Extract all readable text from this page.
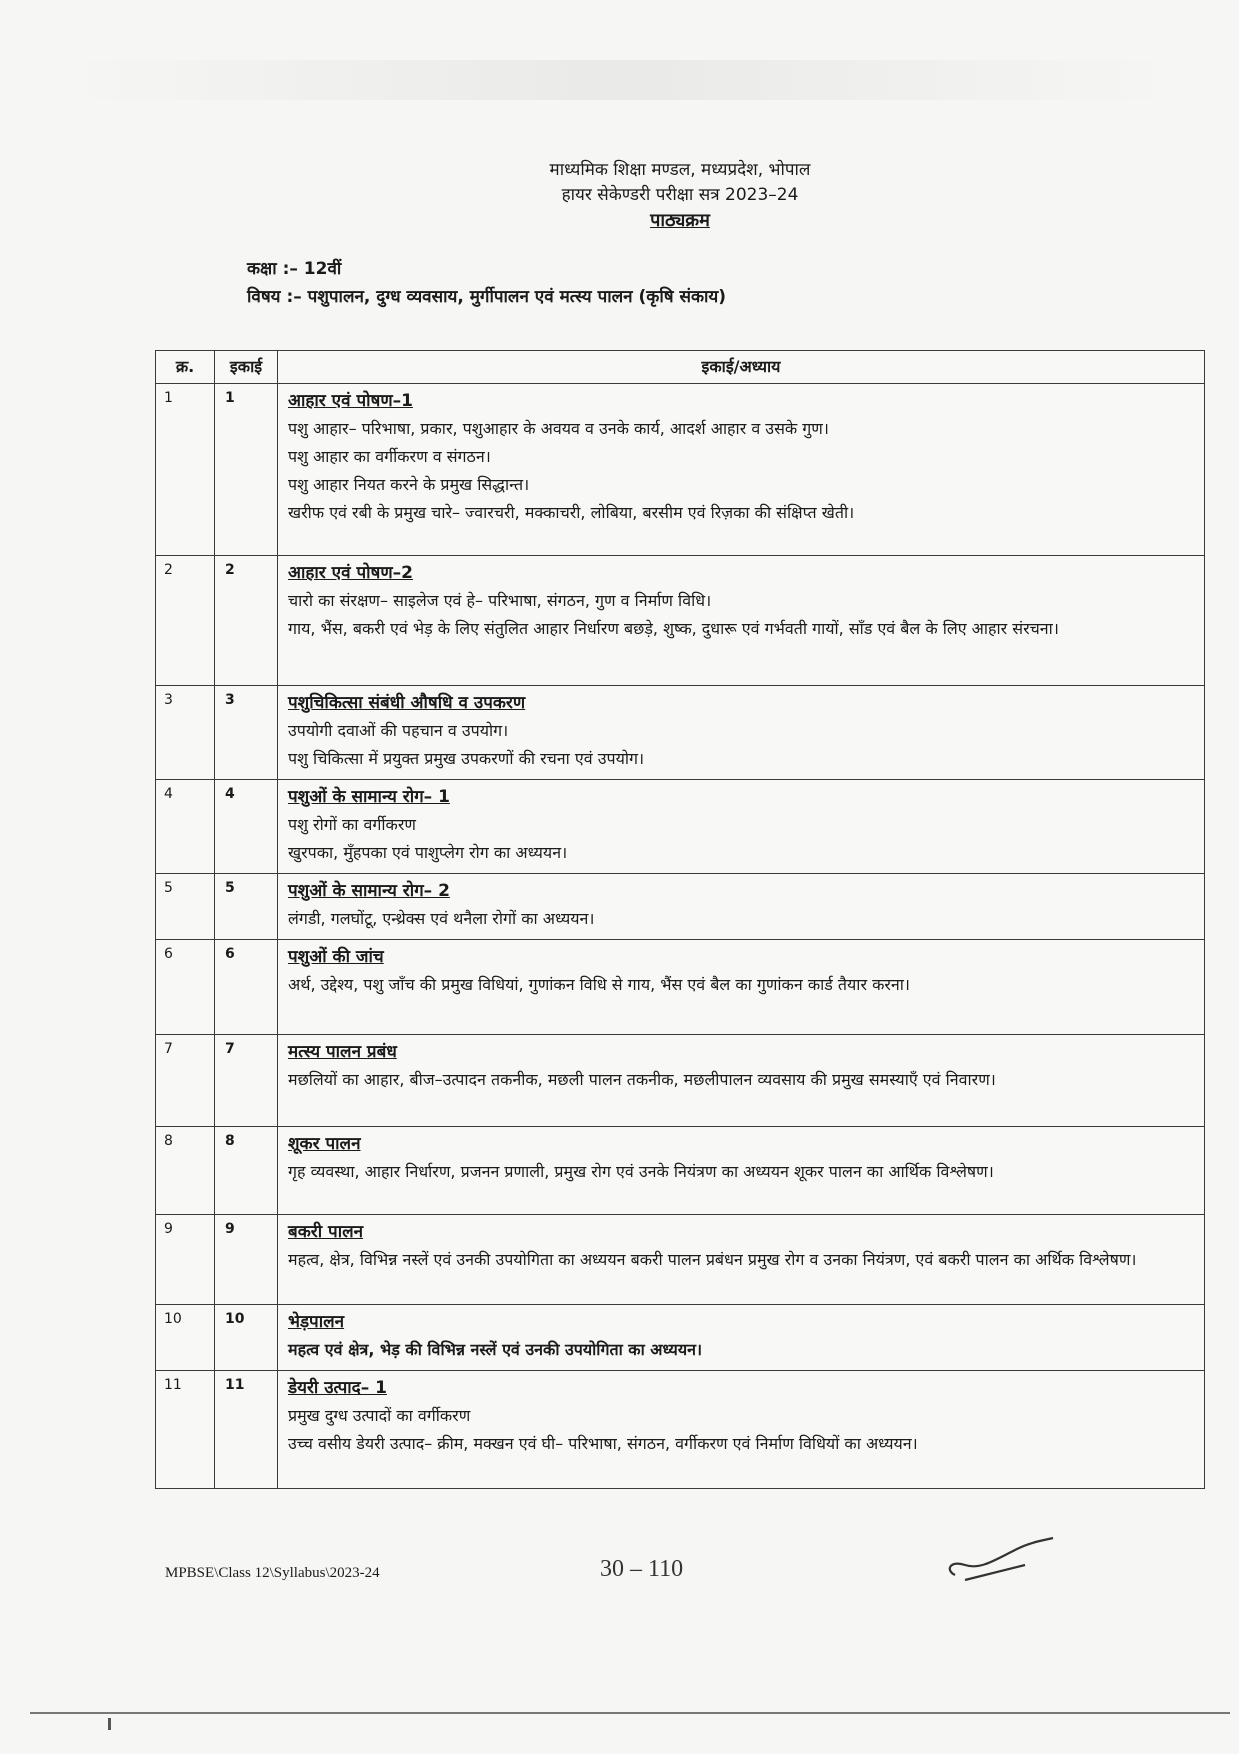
माध्यमिक शिक्षा मण्डल, मध्यप्रदेश, भोपाल
हायर सेकेण्डरी परीक्षा सत्र 2023–24
पाठ्यक्रम
कक्षा :– 12वीं
विषय :– पशुपालन, दुग्ध व्यवसाय, मुर्गीपालन एवं मत्स्य पालन (कृषि संकाय)
क्र.	इकाई	इकाई/अध्याय
1	1	आहार एवं पोषण–1
पशु आहार– परिभाषा, प्रकार, पशुआहार के अवयव व उनके कार्य, आदर्श आहार व उसके गुण।
पशु आहार का वर्गीकरण व संगठन।
पशु आहार नियत करने के प्रमुख सिद्धान्त।
खरीफ एवं रबी के प्रमुख चारे– ज्वारचरी, मक्काचरी, लोबिया, बरसीम एवं रिज़का की संक्षिप्त खेती।

2	2	आहार एवं पोषण–2
चारो का संरक्षण– साइलेज एवं हे– परिभाषा, संगठन, गुण व निर्माण विधि।
गाय, भैंस, बकरी एवं भेड़ के लिए संतुलित आहार निर्धारण बछड़े, शुष्क, दुधारू एवं गर्भवती गायों, साँड एवं बैल के लिए आहार संरचना।

3	3	पशुचिकित्सा संबंधी औषधि व उपकरण
उपयोगी दवाओं की पहचान व उपयोग।
पशु चिकित्सा में प्रयुक्त प्रमुख उपकरणों की रचना एवं उपयोग।

4	4	पशुओं के सामान्य रोग– 1
पशु रोगों का वर्गीकरण
खुरपका, मुँहपका एवं पाशुप्लेग रोग का अध्ययन।

5	5	पशुओं के सामान्य रोग– 2
लंगडी, गलघोंटू, एन्थ्रेक्स एवं थनैला रोगों का अध्ययन।

6	6	पशुओं की जांच
अर्थ, उद्देश्य, पशु जाँच की प्रमुख विधियां, गुणांकन विधि से गाय, भैंस एवं बैल का गुणांकन कार्ड तैयार करना।

7	7	मत्स्य पालन प्रबंध
मछलियों का आहार, बीज–उत्पादन तकनीक, मछली पालन तकनीक, मछलीपालन व्यवसाय की प्रमुख समस्याएँ एवं निवारण।

8	8	शूकर पालन
गृह व्यवस्था, आहार निर्धारण, प्रजनन प्रणाली, प्रमुख रोग एवं उनके नियंत्रण का अध्ययन शूकर पालन का आर्थिक विश्लेषण।

9	9	बकरी पालन
महत्व, क्षेत्र, विभिन्न नस्लें एवं उनकी उपयोगिता का अध्ययन बकरी पालन प्रबंधन प्रमुख रोग व उनका नियंत्रण, एवं बकरी पालन का अर्थिक विश्लेषण।

10	10	भेड़पालन
महत्व एवं क्षेत्र, भेड़ की विभिन्न नस्लें एवं उनकी उपयोगिता का अध्ययन।

11	11	डेयरी उत्पाद– 1
प्रमुख दुग्ध उत्पादों का वर्गीकरण
उच्च वसीय डेयरी उत्पाद– क्रीम, मक्खन एवं घी– परिभाषा, संगठन, वर्गीकरण एवं निर्माण विधियों का अध्ययन।
MPBSE\Class 12\Syllabus\2023-24	30 – 110
